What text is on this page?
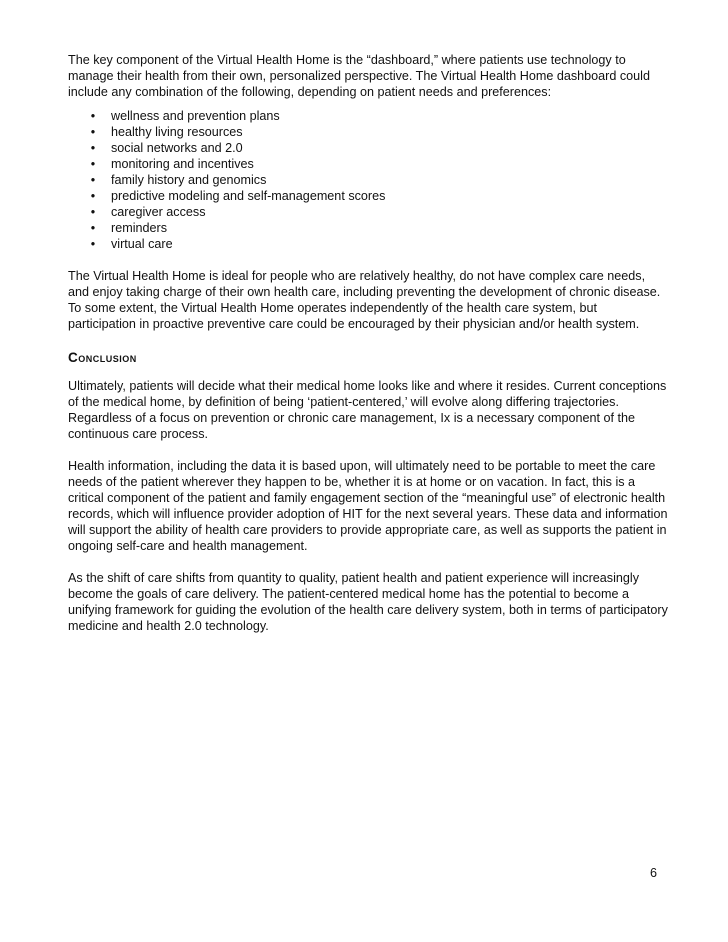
The key component of the Virtual Health Home is the “dashboard,” where patients use technology to manage their health from their own, personalized perspective. The Virtual Health Home dashboard could include any combination of the following, depending on patient needs and preferences:

• wellness and prevention plans
• healthy living resources
• social networks and 2.0
• monitoring and incentives
• family history and genomics
• predictive modeling and self-management scores
• caregiver access
• reminders
• virtual care

The Virtual Health Home is ideal for people who are relatively healthy, do not have complex care needs, and enjoy taking charge of their own health care, including preventing the development of chronic disease. To some extent, the Virtual Health Home operates independently of the health care system, but participation in proactive preventive care could be encouraged by their physician and/or health system.

Conclusion

Ultimately, patients will decide what their medical home looks like and where it resides. Current conceptions of the medical home, by definition of being ‘patient-centered,’ will evolve along differing trajectories. Regardless of a focus on prevention or chronic care management, Ix is a necessary component of the continuous care process.

Health information, including the data it is based upon, will ultimately need to be portable to meet the care needs of the patient wherever they happen to be, whether it is at home or on vacation. In fact, this is a critical component of the patient and family engagement section of the “meaningful use” of electronic health records, which will influence provider adoption of HIT for the next several years. These data and information will support the ability of health care providers to provide appropriate care, as well as supports the patient in ongoing self-care and health management.

As the shift of care shifts from quantity to quality, patient health and patient experience will increasingly become the goals of care delivery. The patient-centered medical home has the potential to become a unifying framework for guiding the evolution of the health care delivery system, both in terms of participatory medicine and health 2.0 technology.

6
